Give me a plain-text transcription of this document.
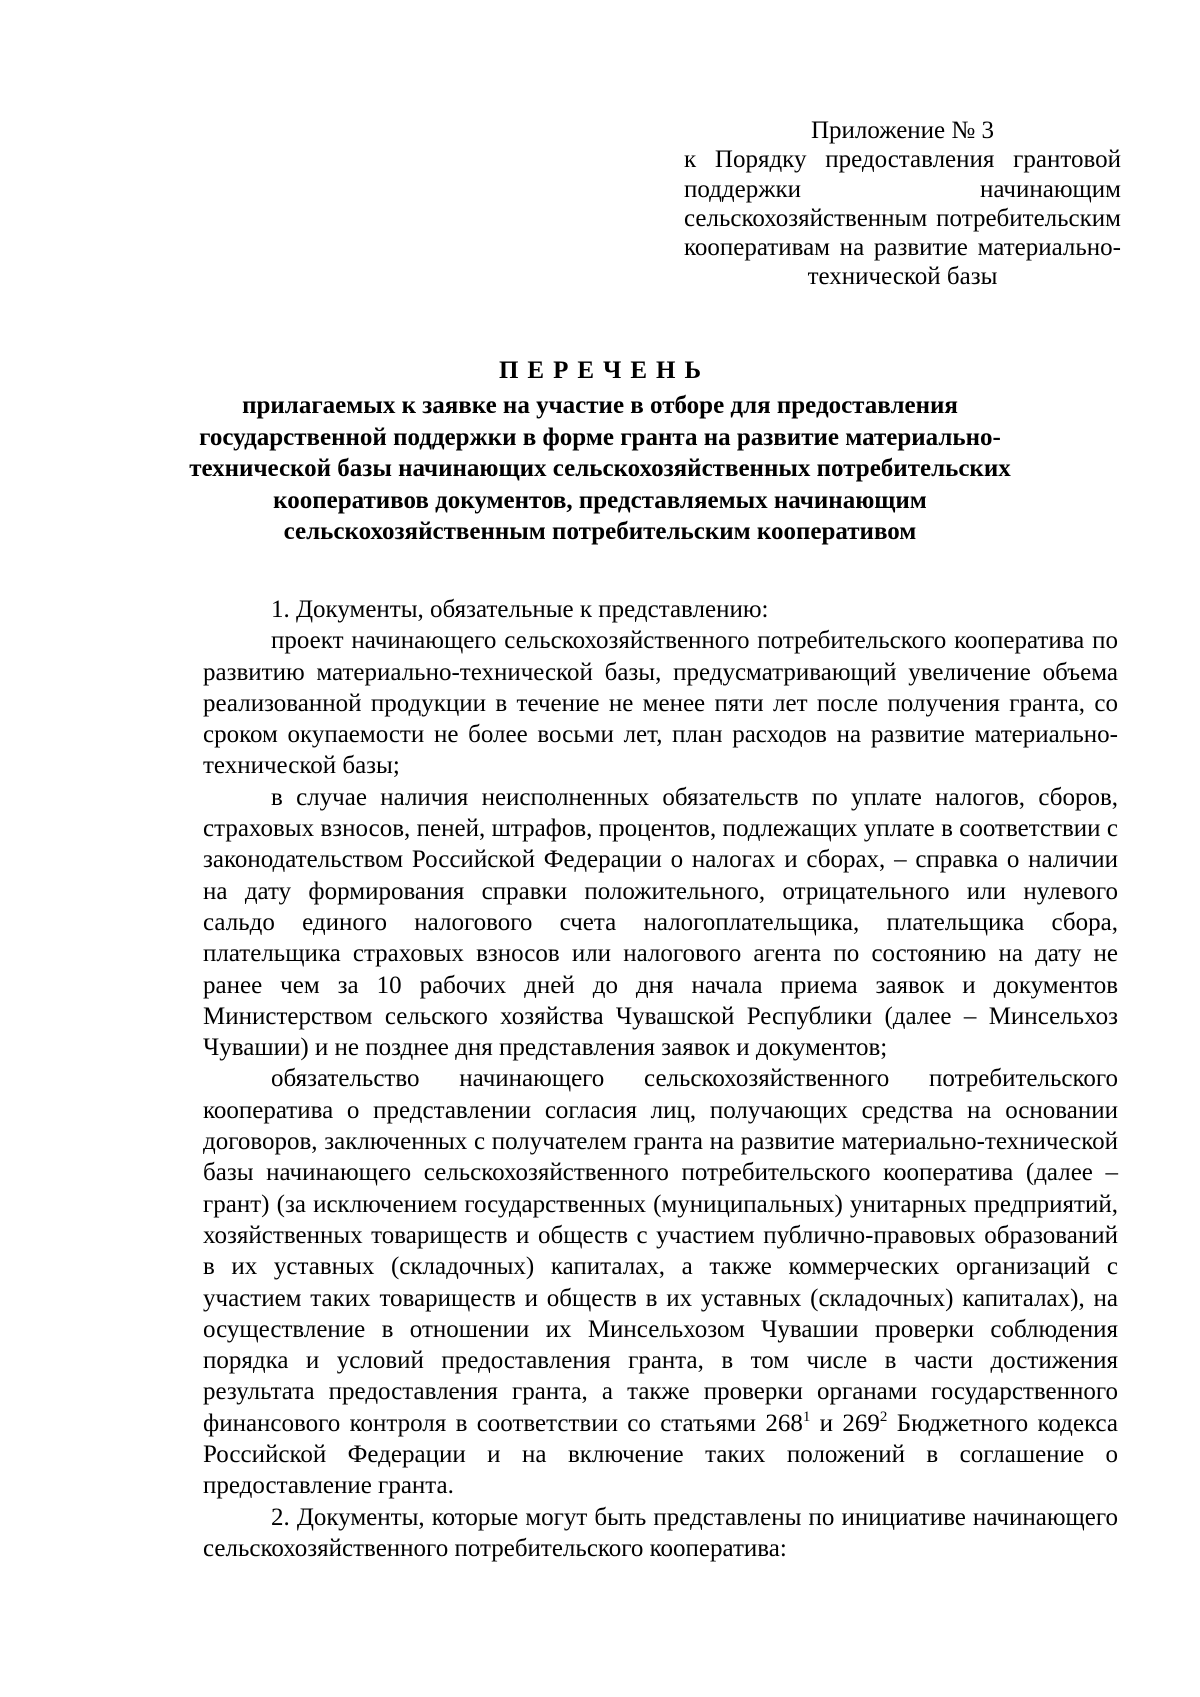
Приложение № 3

к Порядку предоставления грантовой поддержки начинающим сельскохозяйственным потребительским кооперативам на развитие материально-технической базы

ПЕРЕЧЕНЬ

прилагаемых к заявке на участие в отборе для предоставления государственной поддержки в форме гранта на развитие материально-технической базы начинающих сельскохозяйственных потребительских кооперативов документов, представляемых начинающим сельскохозяйственным потребительским кооперативом

1. Документы, обязательные к представлению:

проект начинающего сельскохозяйственного потребительского кооператива по развитию материально-технической базы, предусматривающий увеличение объема реализованной продукции в течение не менее пяти лет после получения гранта, со сроком окупаемости не более восьми лет, план расходов на развитие материально-технической базы;

в случае наличия неисполненных обязательств по уплате налогов, сборов, страховых взносов, пеней, штрафов, процентов, подлежащих уплате в соответствии с законодательством Российской Федерации о налогах и сборах, – справка о наличии на дату формирования справки положительного, отрицательного или нулевого сальдо единого налогового счета налогоплательщика, плательщика сбора, плательщика страховых взносов или налогового агента по состоянию на дату не ранее чем за 10 рабочих дней до дня начала приема заявок и документов Министерством сельского хозяйства Чувашской Республики (далее – Минсельхоз Чувашии) и не позднее дня представления заявок и документов;

обязательство начинающего сельскохозяйственного потребительского кооператива о представлении согласия лиц, получающих средства на основании договоров, заключенных с получателем гранта на развитие материально-технической базы начинающего сельскохозяйственного потребительского кооператива (далее – грант) (за исключением государственных (муниципальных) унитарных предприятий, хозяйственных товариществ и обществ с участием публично-правовых образований в их уставных (складочных) капиталах, а также коммерческих организаций с участием таких товариществ и обществ в их уставных (складочных) капиталах), на осуществление в отношении их Минсельхозом Чувашии проверки соблюдения порядка и условий предоставления гранта, в том числе в части достижения результата предоставления гранта, а также проверки органами государственного финансового контроля в соответствии со статьями $268^1$ и $269^2$ Бюджетного кодекса Российской Федерации и на включение таких положений в соглашение о предоставление гранта.

2. Документы, которые могут быть представлены по инициативе начинающего сельскохозяйственного потребительского кооператива:
